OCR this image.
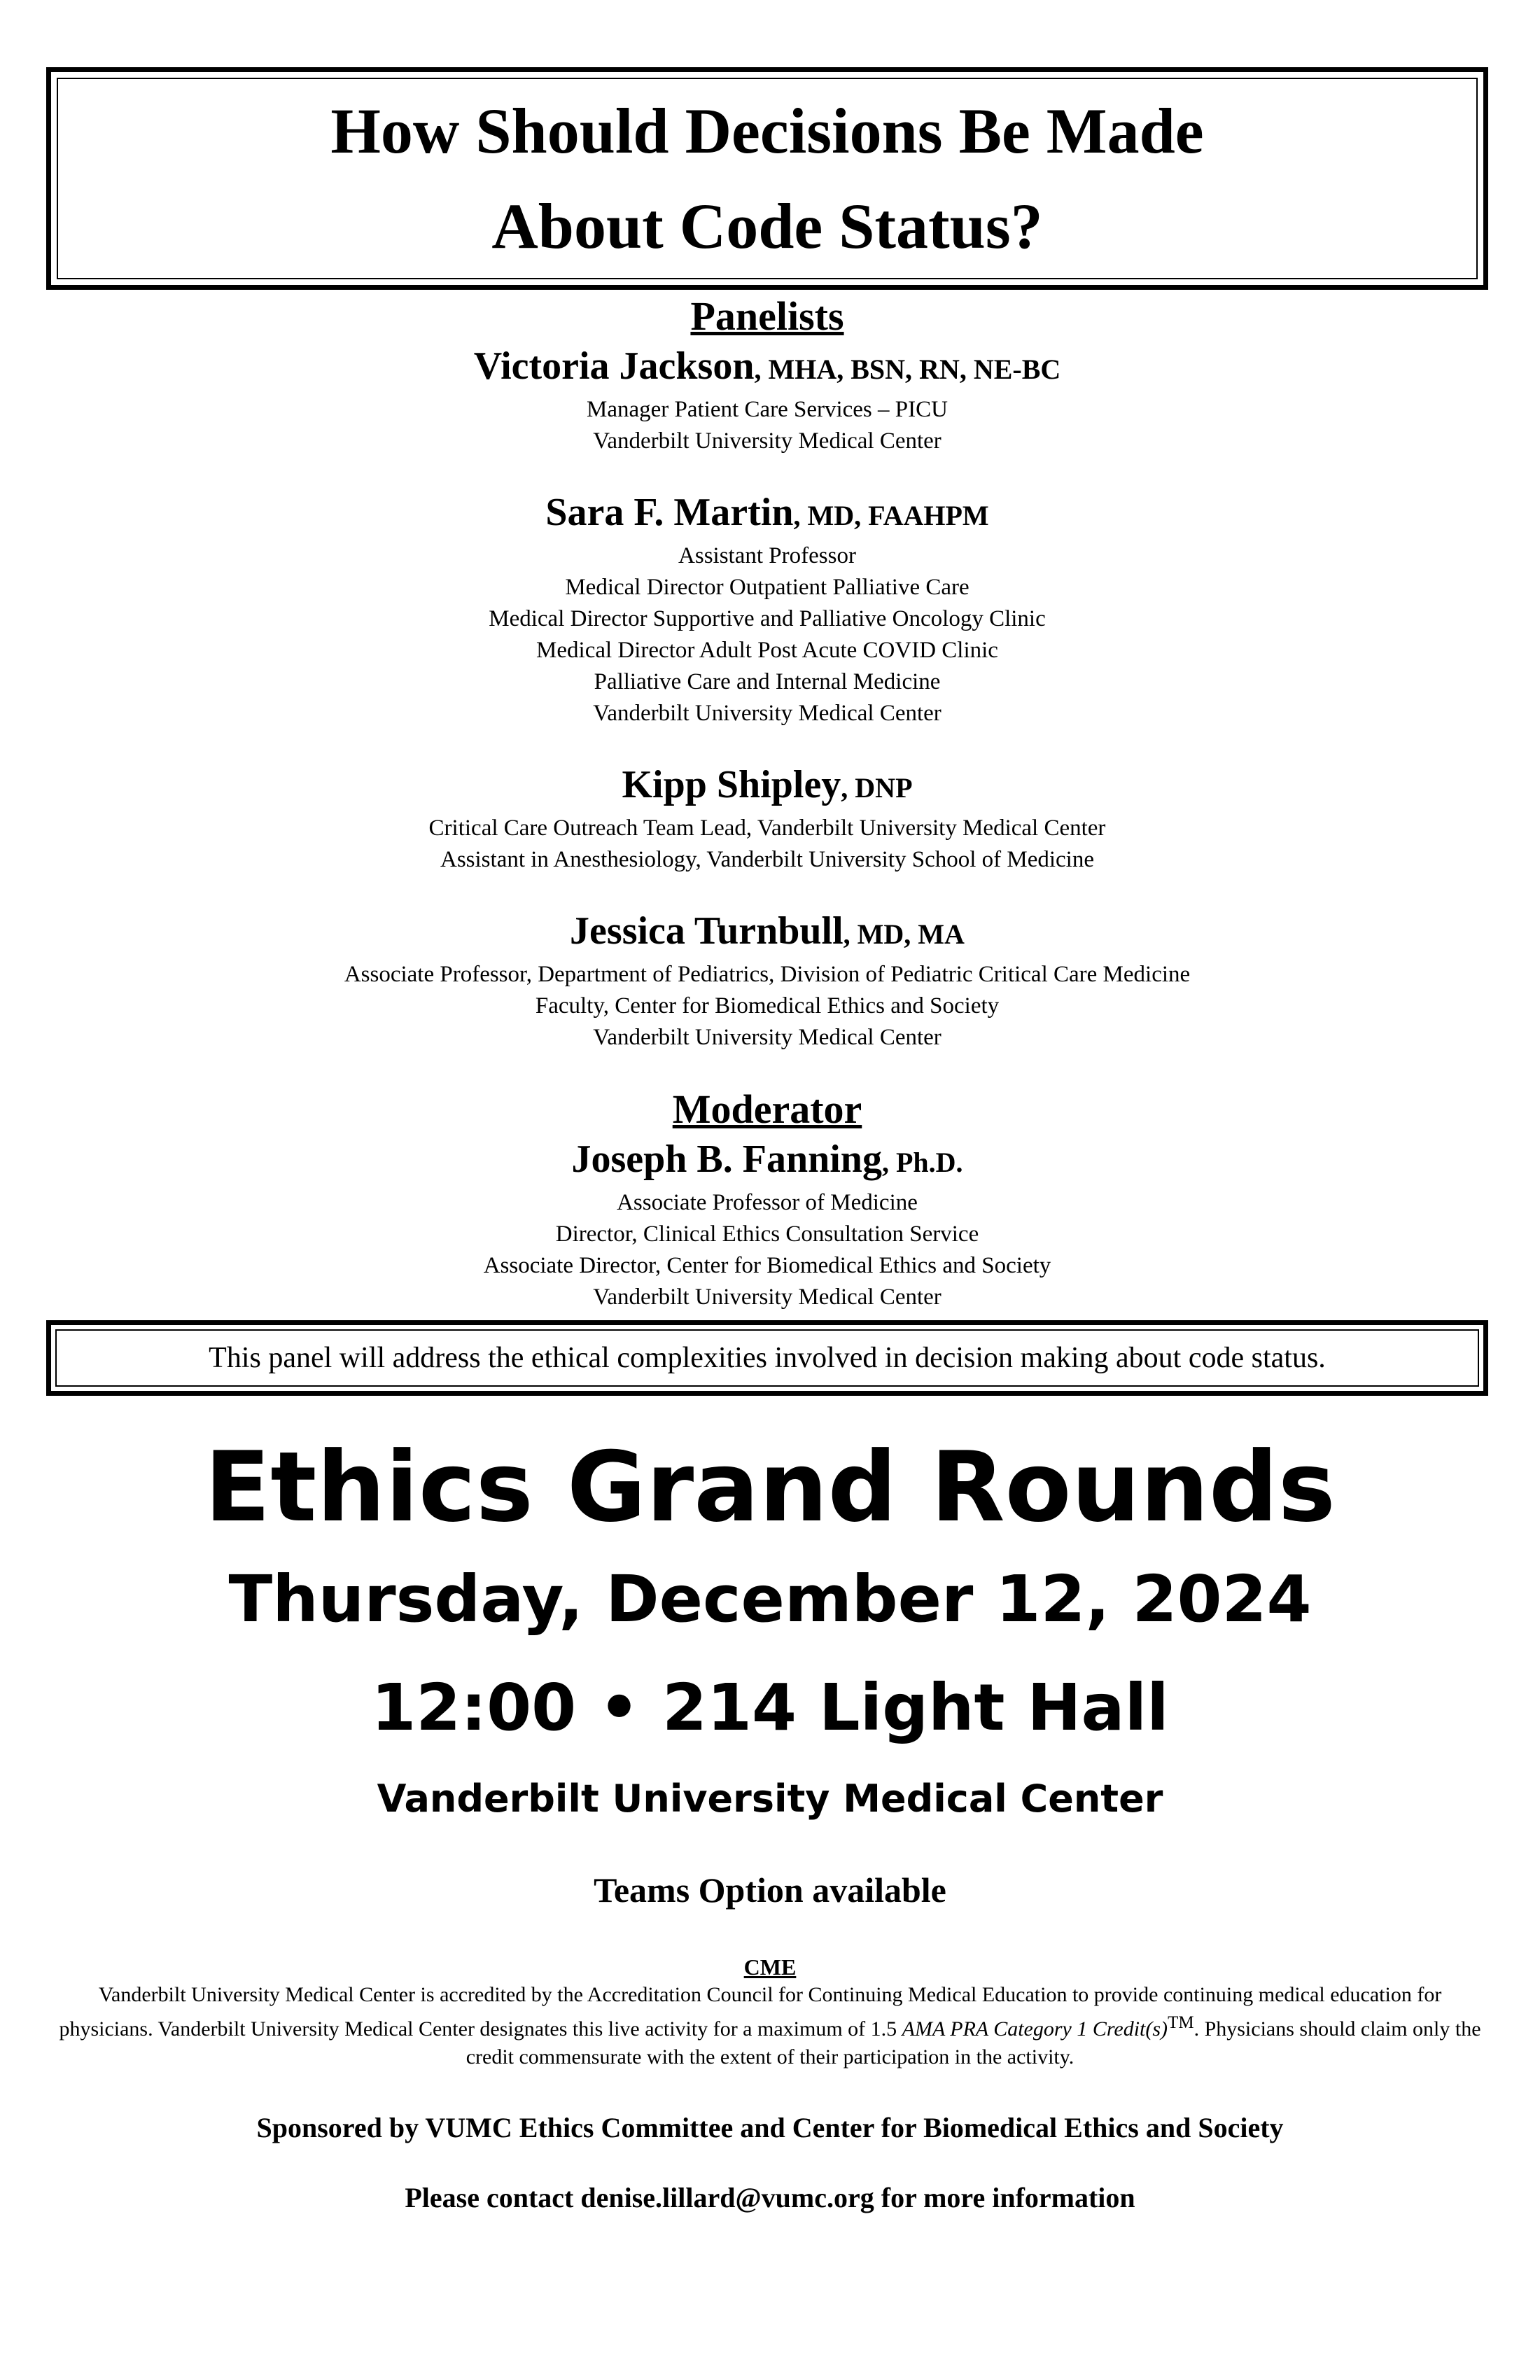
How Should Decisions Be Made
About Code Status?
Panelists
Victoria Jackson, MHA, BSN, RN, NE-BC
Manager Patient Care Services – PICU
Vanderbilt University Medical Center
Sara F. Martin, MD, FAAHPM
Assistant Professor
Medical Director Outpatient Palliative Care
Medical Director Supportive and Palliative Oncology Clinic
Medical Director Adult Post Acute COVID Clinic
Palliative Care and Internal Medicine
Vanderbilt University Medical Center
Kipp Shipley, DNP
Critical Care Outreach Team Lead, Vanderbilt University Medical Center
Assistant in Anesthesiology, Vanderbilt University School of Medicine
Jessica Turnbull, MD, MA
Associate Professor, Department of Pediatrics, Division of Pediatric Critical Care Medicine
Faculty, Center for Biomedical Ethics and Society
Vanderbilt University Medical Center
Moderator
Joseph B. Fanning, Ph.D.
Associate Professor of Medicine
Director, Clinical Ethics Consultation Service
Associate Director, Center for Biomedical Ethics and Society
Vanderbilt University Medical Center
This panel will address the ethical complexities involved in decision making about code status.
Ethics Grand Rounds
Thursday, December 12, 2024
12:00 • 214 Light Hall
Vanderbilt University Medical Center
Teams Option available
CME
Vanderbilt University Medical Center is accredited by the Accreditation Council for Continuing Medical Education to provide continuing medical education for physicians. Vanderbilt University Medical Center designates this live activity for a maximum of 1.5 AMA PRA Category 1 Credit(s)™. Physicians should claim only the credit commensurate with the extent of their participation in the activity.
Sponsored by VUMC Ethics Committee and Center for Biomedical Ethics and Society
Please contact denise.lillard@vumc.org for more information
